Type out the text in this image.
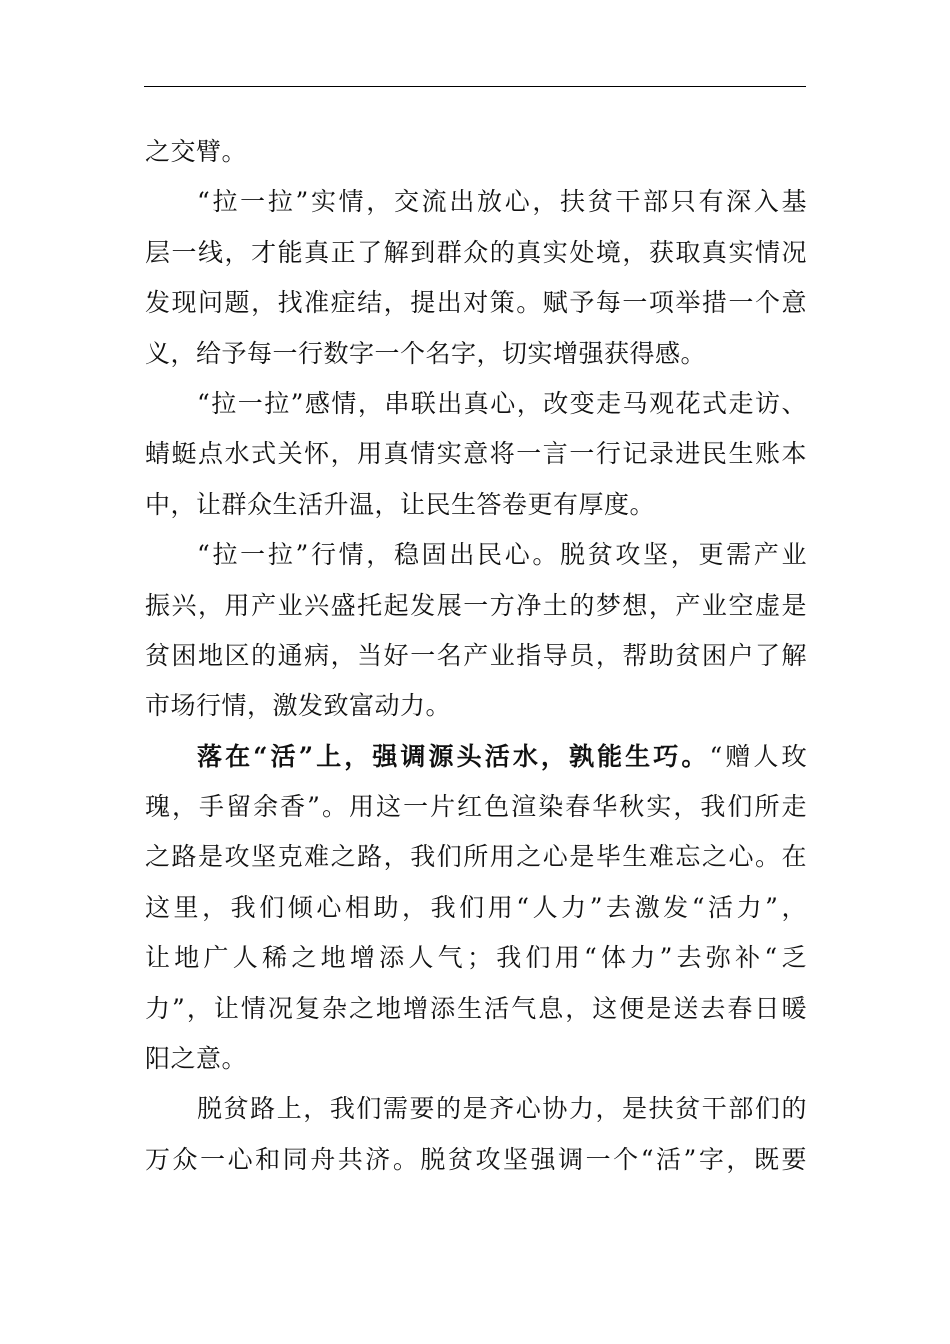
之交臂。
“拉一拉”实情，交流出放心，扶贫干部只有深入基
层一线，才能真正了解到群众的真实处境，获取真实情况
发现问题，找准症结，提出对策。赋予每一项举措一个意
义，给予每一行数字一个名字，切实增强获得感。
“拉一拉”感情，串联出真心，改变走马观花式走访、
蜻蜓点水式关怀，用真情实意将一言一行记录进民生账本
中，让群众生活升温，让民生答卷更有厚度。
“拉一拉”行情，稳固出民心。脱贫攻坚，更需产业
振兴，用产业兴盛托起发展一方净土的梦想，产业空虚是
贫困地区的通病，当好一名产业指导员，帮助贫困户了解
市场行情，激发致富动力。
落在“活”上，强调源头活水，孰能生巧。“赠人玫
瑰，手留余香”。用这一片红色渲染春华秋实，我们所走
之路是攻坚克难之路，我们所用之心是毕生难忘之心。在
这里，我们倾心相助，我们用“人力”去激发“活力”，
让地广人稀之地增添人气；我们用“体力”去弥补“乏
力”，让情况复杂之地增添生活气息，这便是送去春日暖
阳之意。
脱贫路上，我们需要的是齐心协力，是扶贫干部们的
万众一心和同舟共济。脱贫攻坚强调一个“活”字，既要
